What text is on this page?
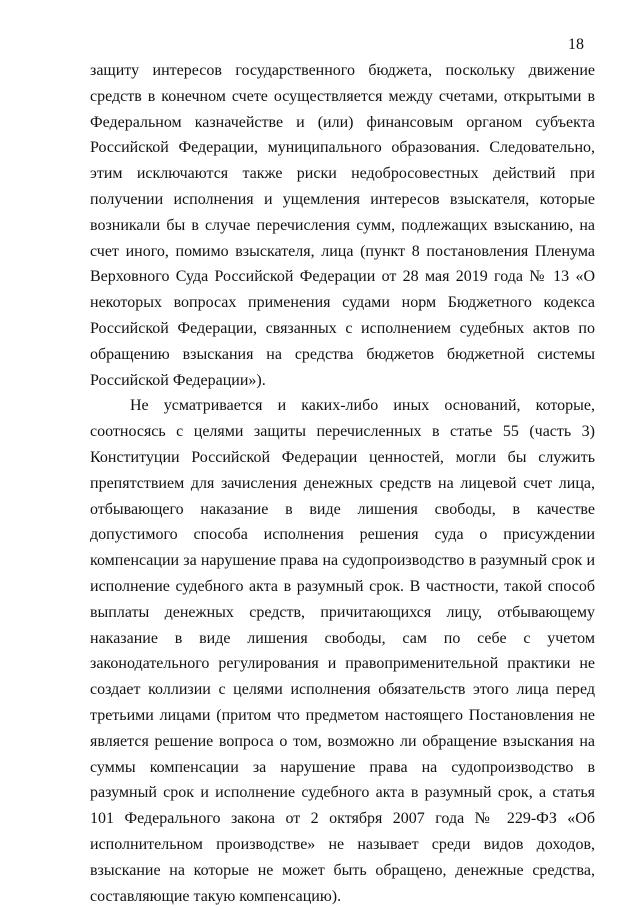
18

защиту интересов государственного бюджета, поскольку движение средств в конечном счете осуществляется между счетами, открытыми в Федеральном казначействе и (или) финансовым органом субъекта Российской Федерации, муниципального образования. Следовательно, этим исключаются также риски недобросовестных действий при получении исполнения и ущемления интересов взыскателя, которые возникали бы в случае перечисления сумм, подлежащих взысканию, на счет иного, помимо взыскателя, лица (пункт 8 постановления Пленума Верховного Суда Российской Федерации от 28 мая 2019 года № 13 «О некоторых вопросах применения судами норм Бюджетного кодекса Российской Федерации, связанных с исполнением судебных актов по обращению взыскания на средства бюджетов бюджетной системы Российской Федерации»).

Не усматривается и каких-либо иных оснований, которые, соотносясь с целями защиты перечисленных в статье 55 (часть 3) Конституции Российской Федерации ценностей, могли бы служить препятствием для зачисления денежных средств на лицевой счет лица, отбывающего наказание в виде лишения свободы, в качестве допустимого способа исполнения решения суда о присуждении компенсации за нарушение права на судопроизводство в разумный срок и исполнение судебного акта в разумный срок. В частности, такой способ выплаты денежных средств, причитающихся лицу, отбывающему наказание в виде лишения свободы, сам по себе с учетом законодательного регулирования и правоприменительной практики не создает коллизии с целями исполнения обязательств этого лица перед третьими лицами (притом что предметом настоящего Постановления не является решение вопроса о том, возможно ли обращение взыскания на суммы компенсации за нарушение права на судопроизводство в разумный срок и исполнение судебного акта в разумный срок, а статья 101 Федерального закона от 2 октября 2007 года № 229-ФЗ «Об исполнительном производстве» не называет среди видов доходов, взыскание на которые не может быть обращено, денежные средства, составляющие такую компенсацию).
